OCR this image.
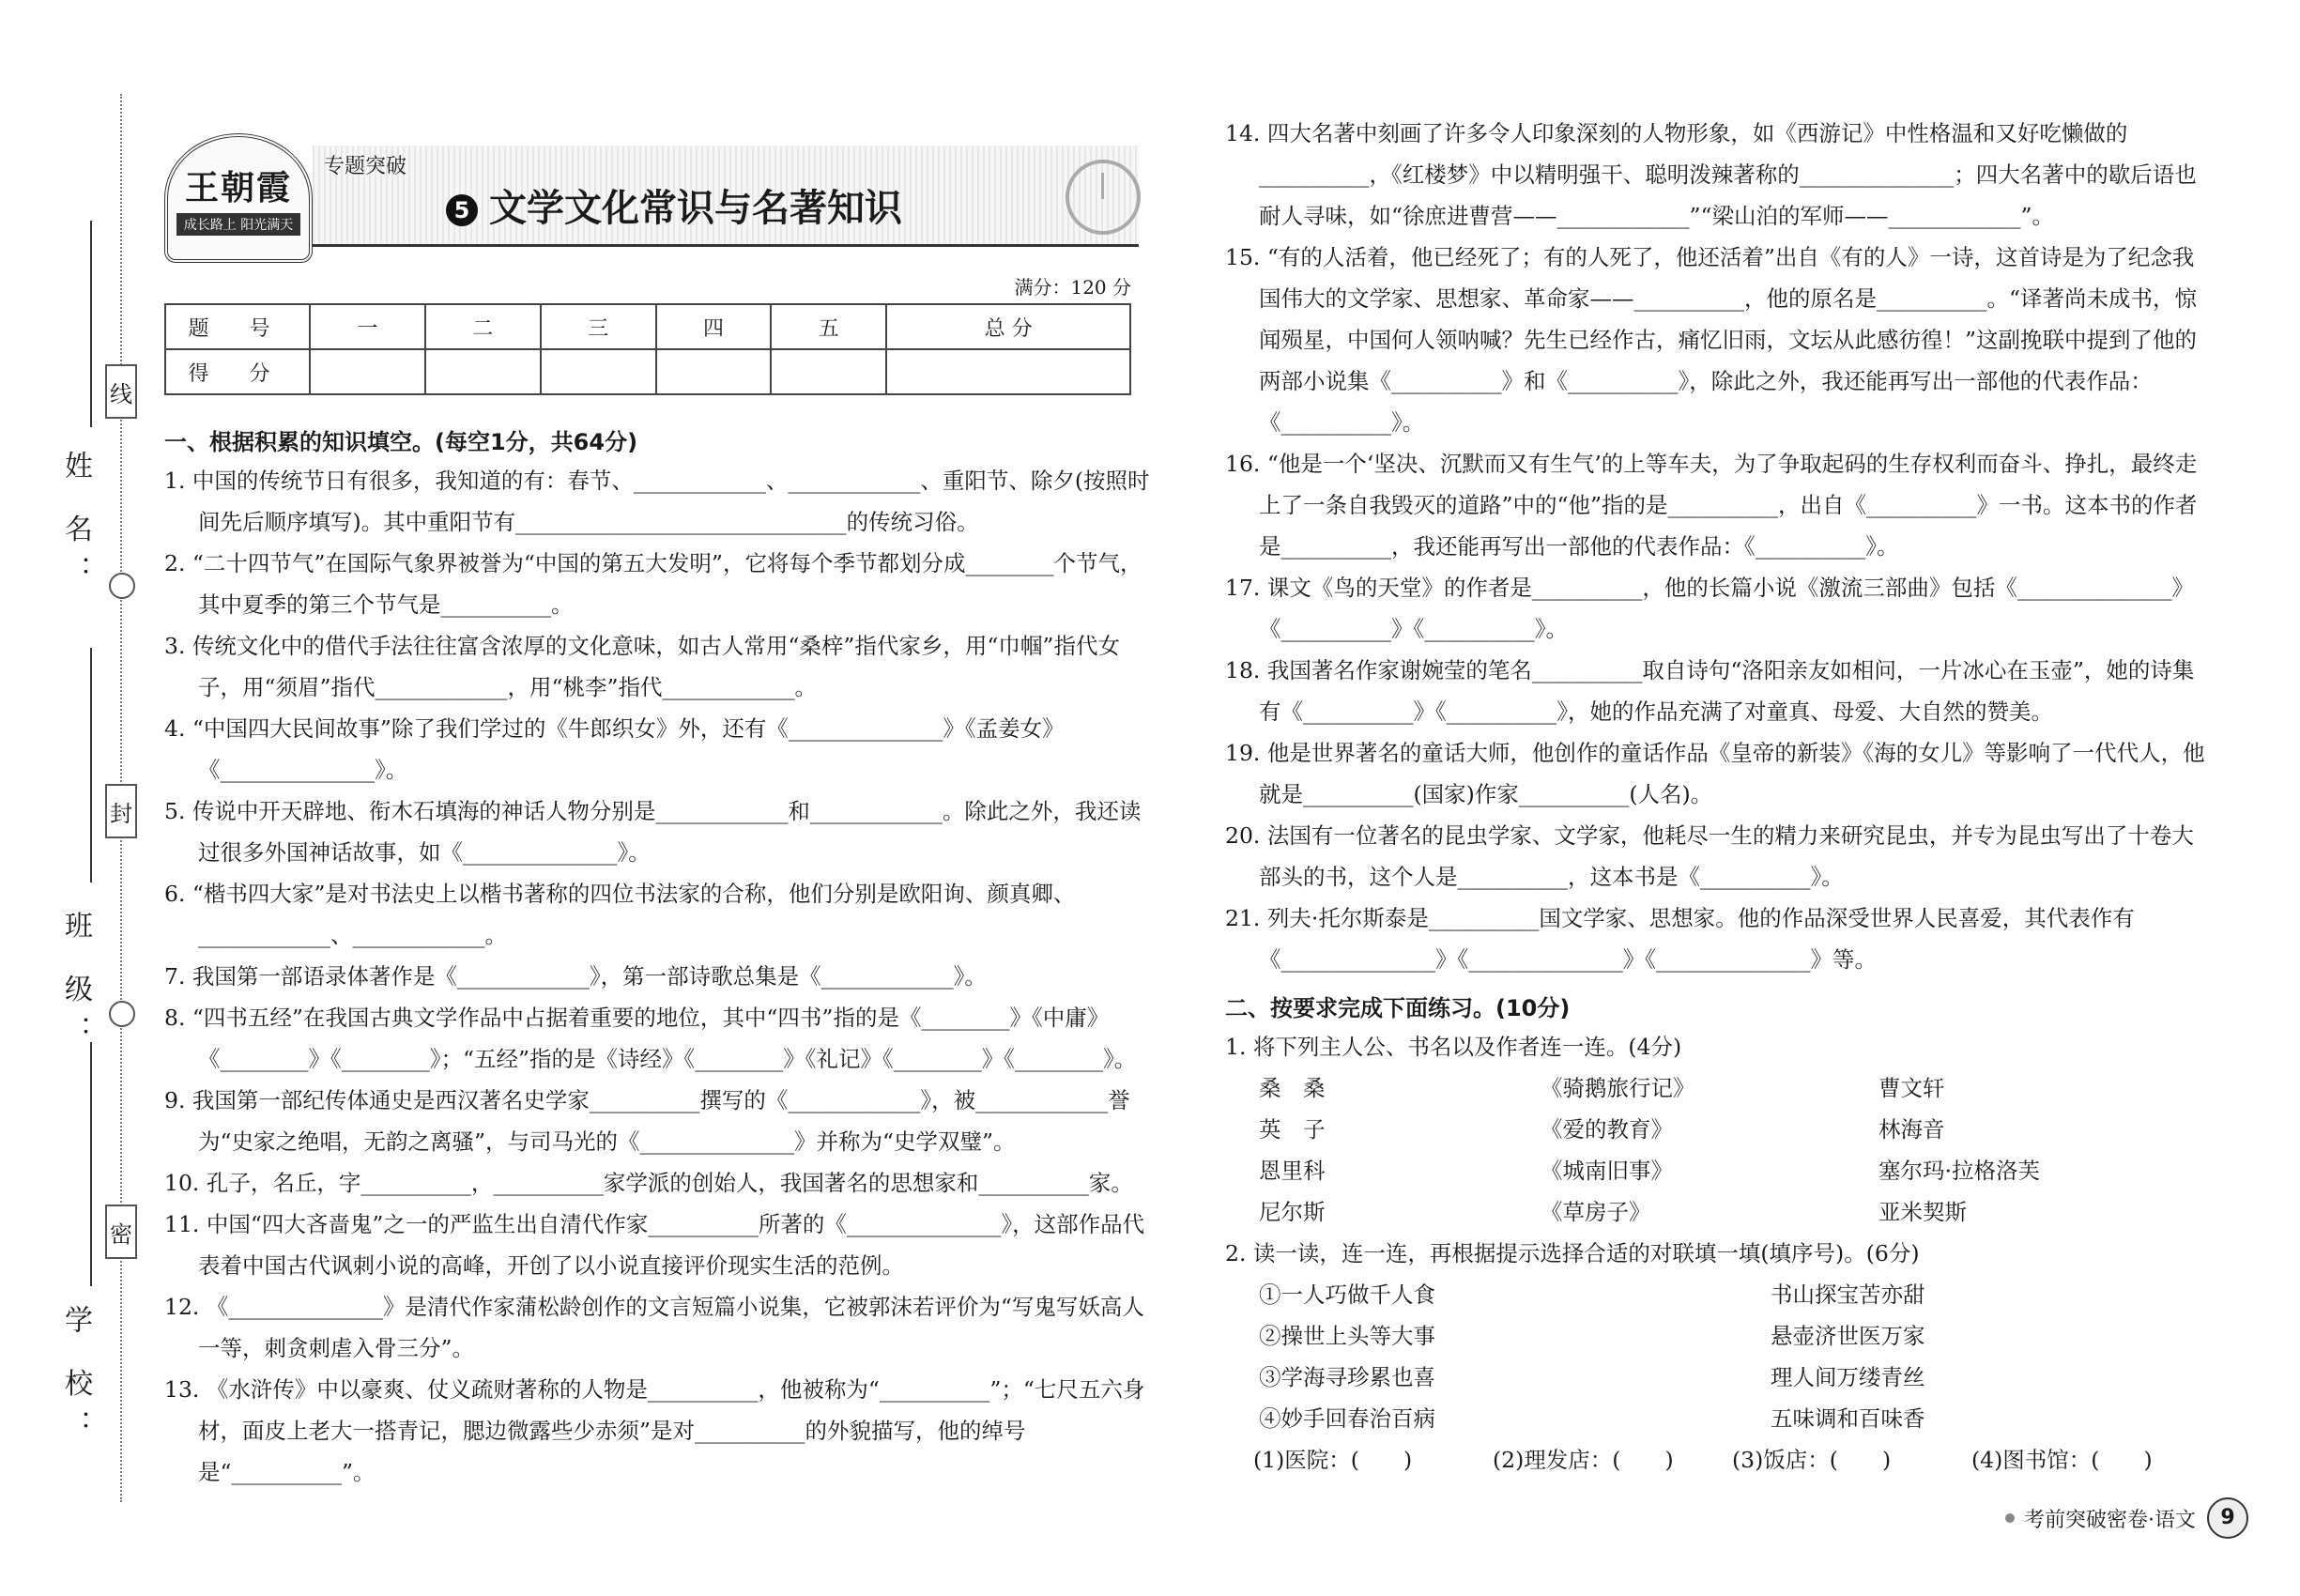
线
封
密
姓 名：
班 级：
学 校：
王朝霞
成长路上 阳光满天
专题突破
5 文学文化常识与名著知识
满分：120 分
题 号	一	二	三	四	五	总 分
得 分						
一、根据积累的知识填空。(每空1分，共64分)
1. 中国的传统节日有很多，我知道的有：春节、____________、____________、重阳节、除夕(按照时间先后顺序填写)。其中重阳节有______________________________的传统习俗。
2. “二十四节气”在国际气象界被誉为“中国的第五大发明”，它将每个季节都划分成________个节气，其中夏季的第三个节气是__________。
3. 传统文化中的借代手法往往富含浓厚的文化意味，如古人常用“桑梓”指代家乡，用“巾帼”指代女子，用“须眉”指代____________，用“桃李”指代____________。
4. “中国四大民间故事”除了我们学过的《牛郎织女》外，还有《______________》《孟姜女》《______________》。
5. 传说中开天辟地、衔木石填海的神话人物分别是____________和____________。除此之外，我还读过很多外国神话故事，如《______________》。
6. “楷书四大家”是对书法史上以楷书著称的四位书法家的合称，他们分别是欧阳询、颜真卿、____________、____________。
7. 我国第一部语录体著作是《____________》，第一部诗歌总集是《____________》。
8. “四书五经”在我国古典文学作品中占据着重要的地位，其中“四书”指的是《________》《中庸》《________》《________》；“五经”指的是《诗经》《________》《礼记》《________》《________》。
9. 我国第一部纪传体通史是西汉著名史学家__________撰写的《____________》，被____________誉为“史家之绝唱，无韵之离骚”，与司马光的《______________》并称为“史学双璧”。
10. 孔子，名丘，字__________，__________家学派的创始人，我国著名的思想家和__________家。
11. 中国“四大吝啬鬼”之一的严监生出自清代作家__________所著的《______________》，这部作品代表着中国古代讽刺小说的高峰，开创了以小说直接评价现实生活的范例。
12. 《______________》是清代作家蒲松龄创作的文言短篇小说集，它被郭沫若评价为“写鬼写妖高人一等，刺贪刺虐入骨三分”。
13. 《水浒传》中以豪爽、仗义疏财著称的人物是__________，他被称为“__________”；“七尺五六身材，面皮上老大一搭青记，腮边微露些少赤须”是对__________的外貌描写，他的绰号是“__________”。
14. 四大名著中刻画了许多令人印象深刻的人物形象，如《西游记》中性格温和又好吃懒做的__________，《红楼梦》中以精明强干、聪明泼辣著称的______________；四大名著中的歇后语也耐人寻味，如“徐庶进曹营——____________”“梁山泊的军师——____________”。
15. “有的人活着，他已经死了；有的人死了，他还活着”出自《有的人》一诗，这首诗是为了纪念我国伟大的文学家、思想家、革命家——__________，他的原名是__________。“译著尚未成书，惊闻殒星，中国何人领呐喊？先生已经作古，痛忆旧雨，文坛从此感彷徨！”这副挽联中提到了他的两部小说集《__________》和《__________》，除此之外，我还能再写出一部他的代表作品：《__________》。
16. “他是一个‘坚决、沉默而又有生气’的上等车夫，为了争取起码的生存权利而奋斗、挣扎，最终走上了一条自我毁灭的道路”中的“他”指的是__________，出自《__________》一书。这本书的作者是__________，我还能再写出一部他的代表作品：《__________》。
17. 课文《鸟的天堂》的作者是__________，他的长篇小说《激流三部曲》包括《______________》《__________》《__________》。
18. 我国著名作家谢婉莹的笔名__________取自诗句“洛阳亲友如相问，一片冰心在玉壶”，她的诗集有《__________》《__________》，她的作品充满了对童真、母爱、大自然的赞美。
19. 他是世界著名的童话大师，他创作的童话作品《皇帝的新装》《海的女儿》等影响了一代代人，他就是__________(国家)作家__________(人名)。
20. 法国有一位著名的昆虫学家、文学家，他耗尽一生的精力来研究昆虫，并专为昆虫写出了十卷大部头的书，这个人是__________，这本书是《__________》。
21. 列夫·托尔斯泰是__________国文学家、思想家。他的作品深受世界人民喜爱，其代表作有《______________》《______________》《______________》等。
二、按要求完成下面练习。(10分)
1. 将下列主人公、书名以及作者连一连。(4分)
桑　桑	《骑鹅旅行记》	曹文轩
英　子	《爱的教育》	林海音
恩里科	《城南旧事》	塞尔玛·拉格洛芙
尼尔斯	《草房子》	亚米契斯
2. 读一读，连一连，再根据提示选择合适的对联填一填(填序号)。(6分)
①一人巧做千人食	书山探宝苦亦甜
②操世上头等大事	悬壶济世医万家
③学海寻珍累也喜	理人间万缕青丝
④妙手回春治百病	五味调和百味香
(1)医院：(　　)	(2)理发店：(　　)	(3)饭店：(　　)	(4)图书馆：(　　)
考前突破密卷·语文	9
